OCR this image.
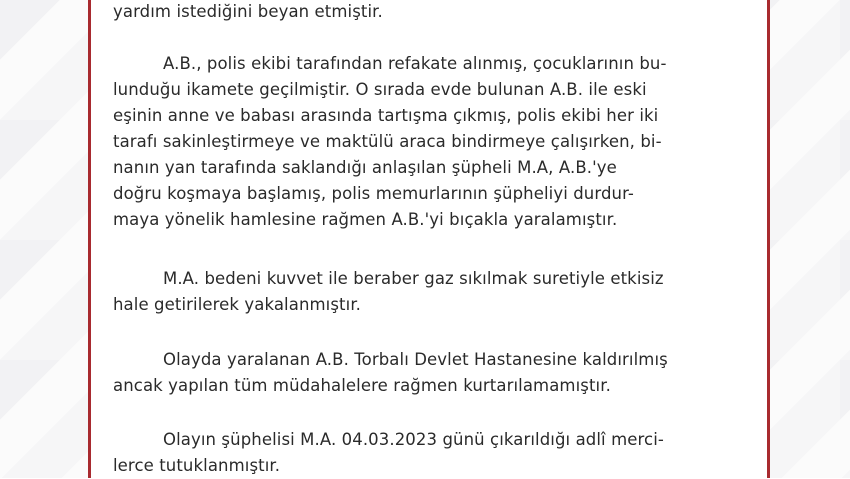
yardım istediğini beyan etmiştir.

A.B., polis ekibi tarafından refakate alınmış, çocuklarının bu-
lunduğu ikamete geçilmiştir. O sırada evde bulunan A.B. ile eski
eşinin anne ve babası arasında tartışma çıkmış, polis ekibi her iki
tarafı sakinleştirmeye ve maktülü araca bindirmeye çalışırken, bi-
nanın yan tarafında saklandığı anlaşılan şüpheli M.A, A.B.'ye
doğru koşmaya başlamış, polis memurlarının şüpheliyi durdur-
maya yönelik hamlesine rağmen A.B.'yi bıçakla yaralamıştır.

M.A. bedeni kuvvet ile beraber gaz sıkılmak suretiyle etkisiz
hale getirilerek yakalanmıştır.

Olayda yaralanan A.B. Torbalı Devlet Hastanesine kaldırılmış
ancak yapılan tüm müdahalelere rağmen kurtarılamamıştır.

Olayın şüphelisi M.A. 04.03.2023 günü çıkarıldığı adlî merci-
lerce tutuklanmıştır.
